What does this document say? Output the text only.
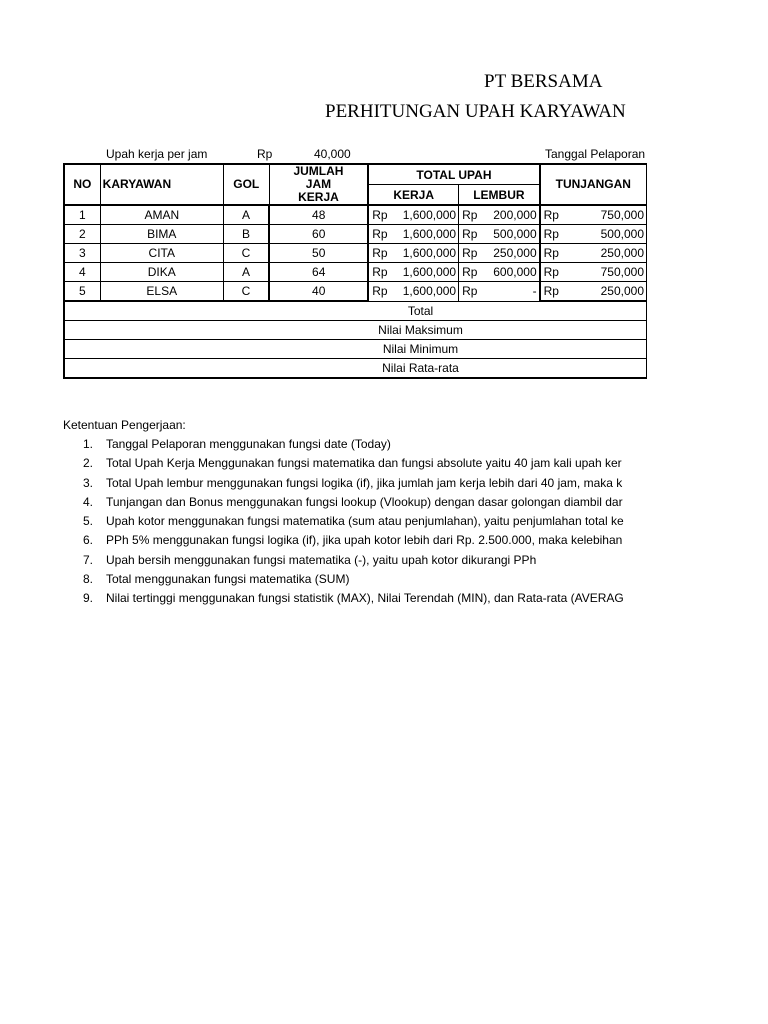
PT BERSAMA
PERHITUNGAN UPAH KARYAWAN
Upah kerja per jam	Rp	40,000	Tanggal Pelaporan
NO	KARYAWAN	GOL	JUMLAH JAM KERJA	TOTAL UPAH		TUNJANGAN
				KERJA	LEMBUR	
1	AMAN	A	48	Rp 1,600,000	Rp 200,000	Rp 750,000

2	BIMA	B	60	Rp 1,600,000	Rp 500,000	Rp 500,000

3	CITA	C	50	Rp 1,600,000	Rp 250,000	Rp 250,000

4	DIKA	A	64	Rp 1,600,000	Rp 600,000	Rp 750,000

5	ELSA	C	40	Rp 1,600,000	Rp -	Rp 250,000

Total						
Nilai Maksimum						
Nilai Minimum						
Nilai Rata-rata						
Ketentuan Pengerjaan:
1. Tanggal Pelaporan menggunakan fungsi date (Today)
2. Total Upah Kerja Menggunakan fungsi matematika dan fungsi absolute yaitu 40 jam kali upah ker
3. Total Upah lembur menggunakan fungsi logika (if), jika jumlah jam kerja lebih dari 40 jam, maka k
4. Tunjangan dan Bonus menggunakan fungsi lookup (Vlookup) dengan dasar golongan diambil dar
5. Upah kotor menggunakan fungsi matematika (sum atau penjumlahan), yaitu penjumlahan total ke
6. PPh 5% menggunakan fungsi logika (if), jika upah kotor lebih dari Rp. 2.500.000, maka kelebihan
7. Upah bersih menggunakan fungsi matematika (-), yaitu upah kotor dikurangi PPh
8. Total menggunakan fungsi matematika (SUM)
9. Nilai tertinggi menggunakan fungsi statistik (MAX), Nilai Terendah (MIN), dan Rata-rata (AVERAG
